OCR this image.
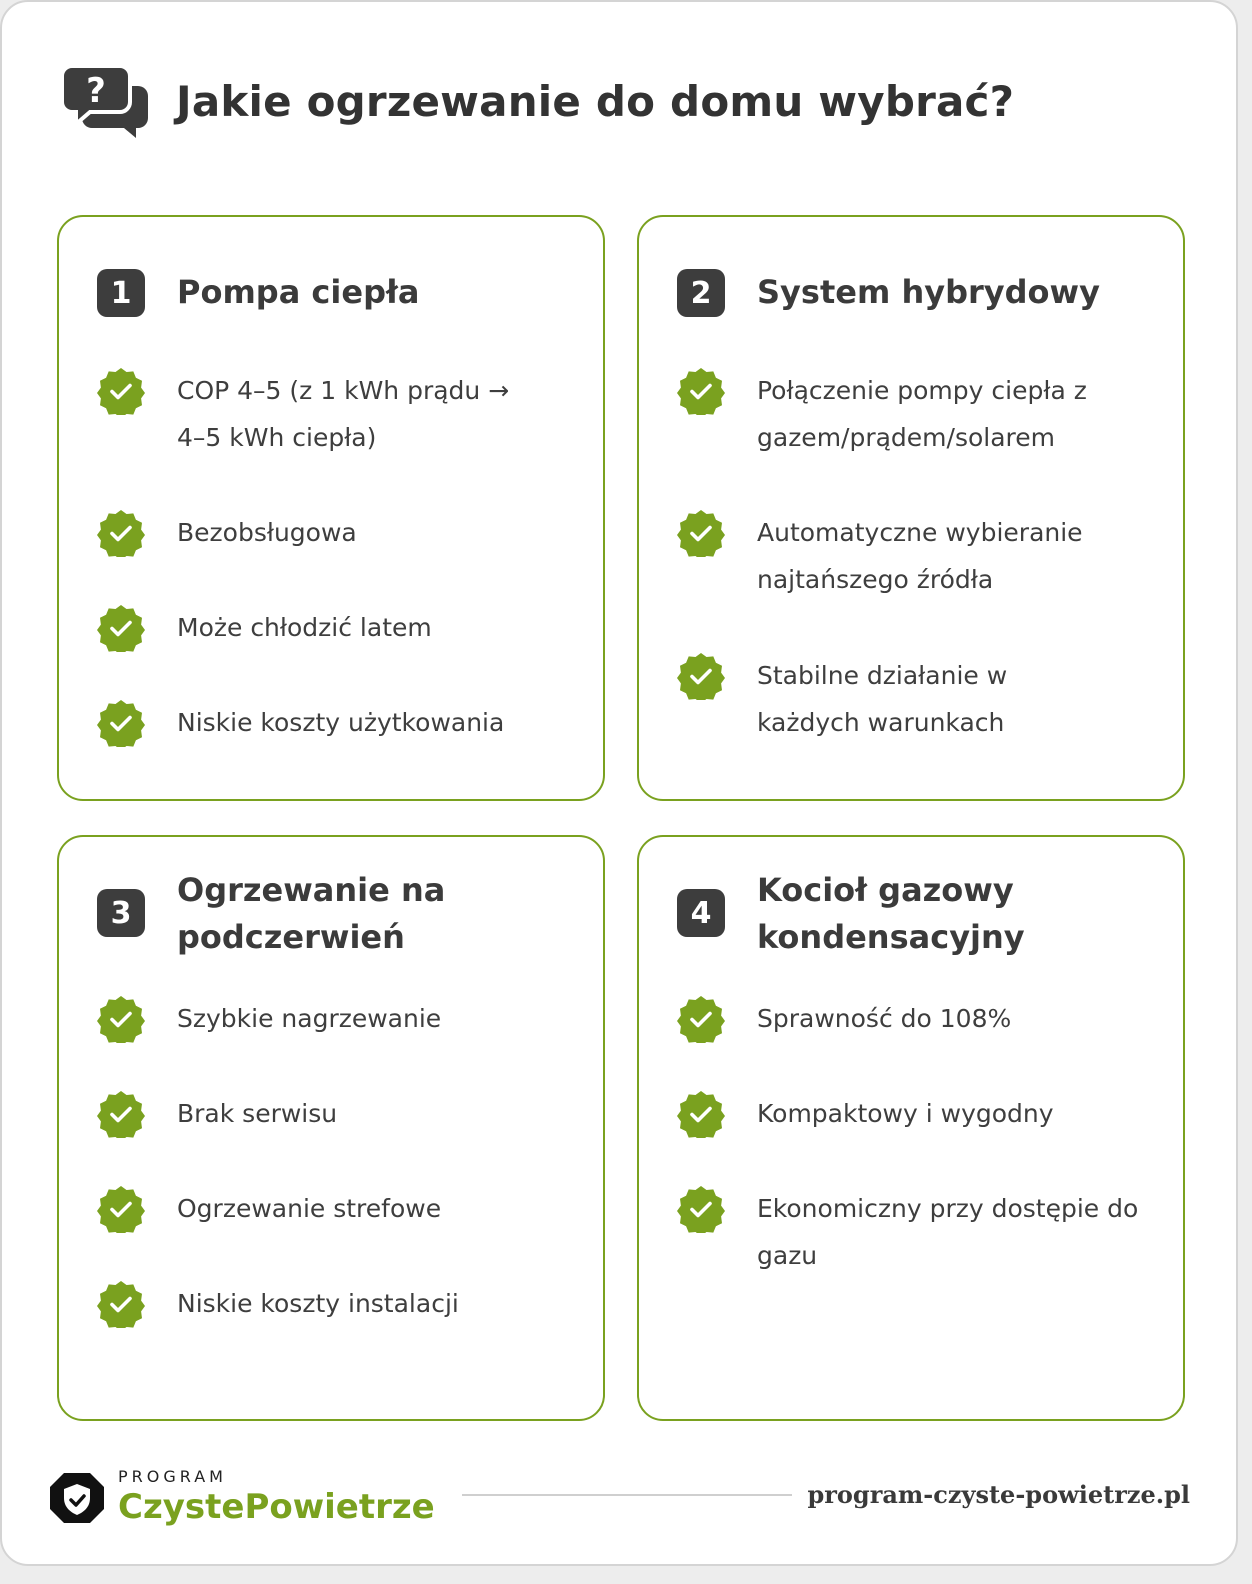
? Jakie ogrzewanie do domu wybrać?
1	Pompa ciepła
COP 4–5 (z 1 kWh prądu → 4–5 kWh ciepła)
Bezobsługowa
Może chłodzić latem
Niskie koszty użytkowania
2	System hybrydowy
Połączenie pompy ciepła z gazem/prądem/solarem
Automatyczne wybieranie najtańszego źródła
Stabilne działanie w każdych warunkach
3
Ogrzewanie na podczerwień
Szybkie nagrzewanie
Brak serwisu
Ogrzewanie strefowe
Niskie koszty instalacji
4
Kocioł gazowy kondensacyjny
Sprawność do 108%
Kompaktowy i wygodny
Ekonomiczny przy dostępie do gazu
PROGRAM
CzystePowietrze	program-czyste-powietrze.pl
